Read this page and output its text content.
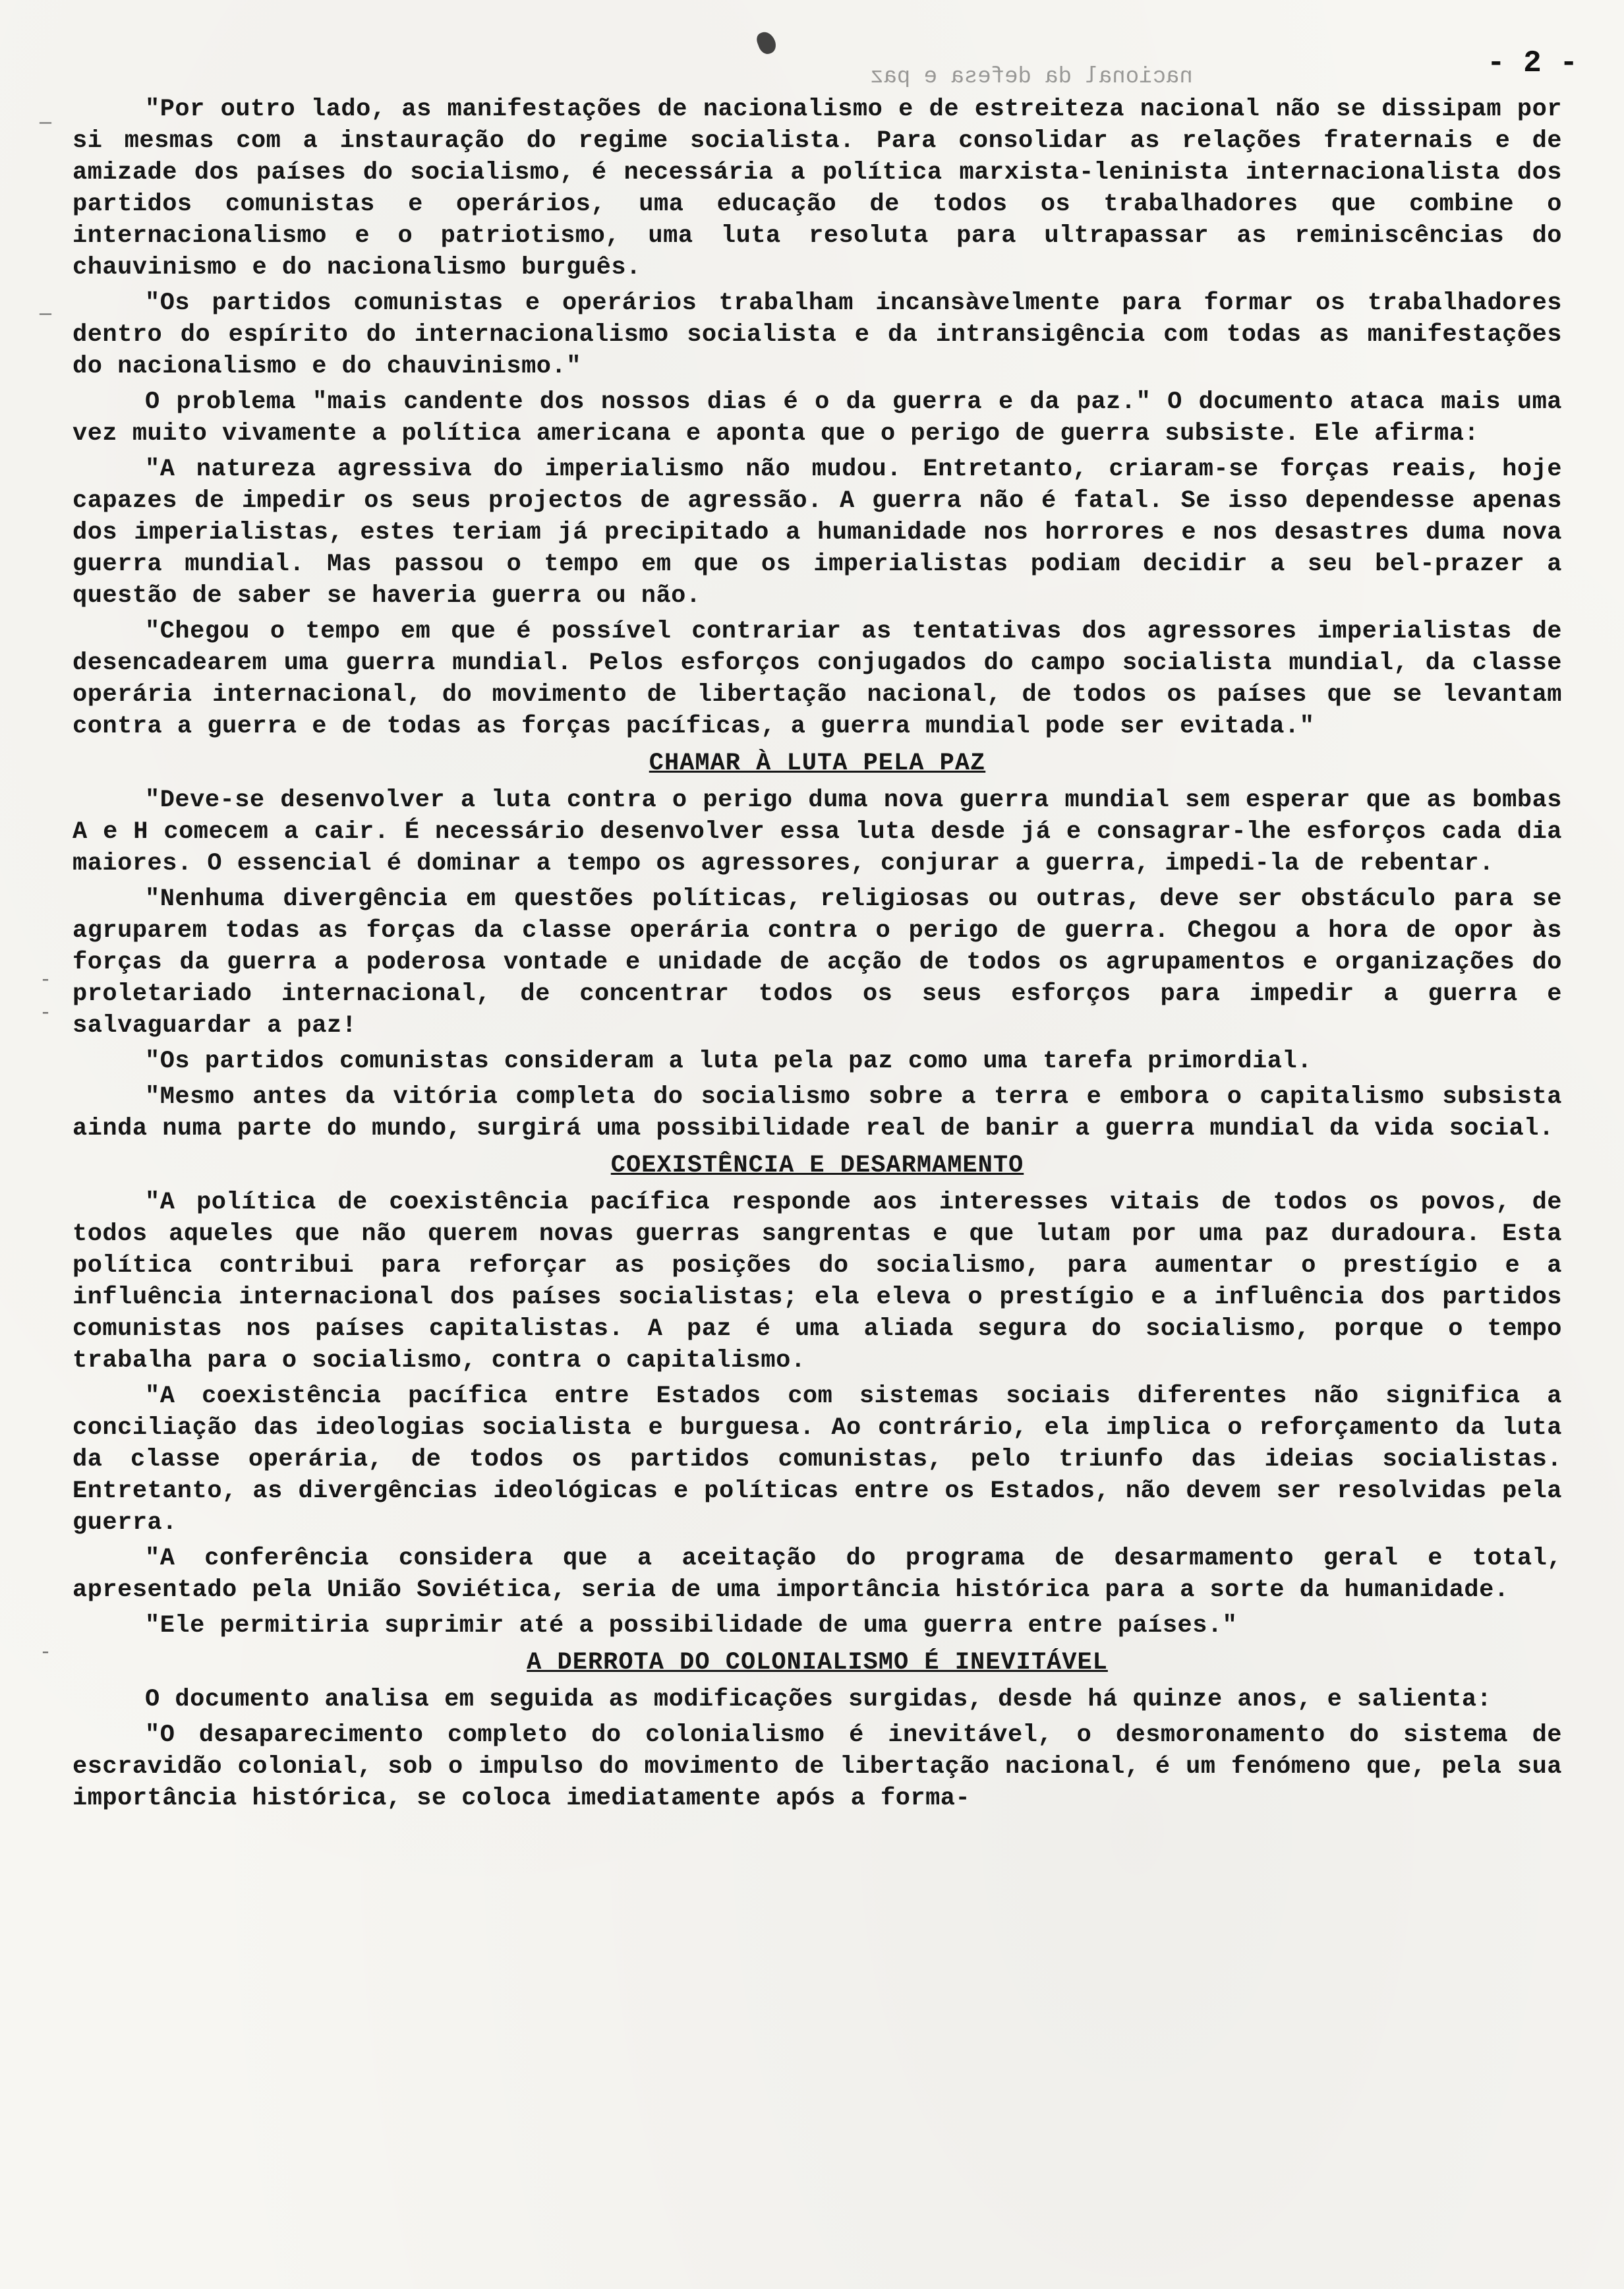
nacional da defesa e paz	- 2 -
—
—
-
-
-

"Por outro lado, as manifestações de nacionalismo e de estreiteza nacional não se dissipam por si mesmas com a instauração do regime socialista. Para consolidar as relações fraternais e de amizade dos países do socialismo, é necessária a política marxista-leninista internacionalista dos partidos comunistas e operários, uma educação de todos os trabalhadores que combine o internacionalismo e o patriotismo, uma luta resoluta para ultrapassar as reminiscências do chauvinismo e do nacionalismo burguês.

"Os partidos comunistas e operários trabalham incansàvelmente para formar os trabalhadores dentro do espírito do internacionalismo socialista e da intransigência com todas as manifestações do nacionalismo e do chauvinismo."

O problema "mais candente dos nossos dias é o da guerra e da paz." O documento ataca mais uma vez muito vivamente a política americana e aponta que o perigo de guerra subsiste. Ele afirma:

"A natureza agressiva do imperialismo não mudou. Entretanto, criaram-se forças reais, hoje capazes de impedir os seus projectos de agressão. A guerra não é fatal. Se isso dependesse apenas dos imperialistas, estes teriam já precipitado a humanidade nos horrores e nos desastres duma nova guerra mundial. Mas passou o tempo em que os imperialistas podiam decidir a seu bel-prazer a questão de saber se haveria guerra ou não.

"Chegou o tempo em que é possível contrariar as tentativas dos agressores imperialistas de desencadearem uma guerra mundial. Pelos esforços conjugados do campo socialista mundial, da classe operária internacional, do movimento de libertação nacional, de todos os países que se levantam contra a guerra e de todas as forças pacíficas, a guerra mundial pode ser evitada."

CHAMAR À LUTA PELA PAZ

"Deve-se desenvolver a luta contra o perigo duma nova guerra mundial sem esperar que as bombas A e H comecem a cair. É necessário desenvolver essa luta desde já e consagrar-lhe esforços cada dia maiores. O essencial é dominar a tempo os agressores, conjurar a guerra, impedi-la de rebentar.

"Nenhuma divergência em questões políticas, religiosas ou outras, deve ser obstáculo para se agruparem todas as forças da classe operária contra o perigo de guerra. Chegou a hora de opor às forças da guerra a poderosa vontade e unidade de acção de todos os agrupamentos e organizações do proletariado internacional, de concentrar todos os seus esforços para impedir a guerra e salvaguardar a paz!

"Os partidos comunistas consideram a luta pela paz como uma tarefa primordial.

"Mesmo antes da vitória completa do socialismo sobre a terra e embora o capitalismo subsista ainda numa parte do mundo, surgirá uma possibilidade real de banir a guerra mundial da vida social.

COEXISTÊNCIA E DESARMAMENTO

"A política de coexistência pacífica responde aos interesses vitais de todos os povos, de todos aqueles que não querem novas guerras sangrentas e que lutam por uma paz duradoura. Esta política contribui para reforçar as posições do socialismo, para aumentar o prestígio e a influência internacional dos países socialistas; ela eleva o prestígio e a influência dos partidos comunistas nos países capitalistas. A paz é uma aliada segura do socialismo, porque o tempo trabalha para o socialismo, contra o capitalismo.

"A coexistência pacífica entre Estados com sistemas sociais diferentes não significa a conciliação das ideologias socialista e burguesa. Ao contrário, ela implica o reforçamento da luta da classe operária, de todos os partidos comunistas, pelo triunfo das ideias socialistas. Entretanto, as divergências ideológicas e políticas entre os Estados, não devem ser resolvidas pela guerra.

"A conferência considera que a aceitação do programa de desarmamento geral e total, apresentado pela União Soviética, seria de uma importância histórica para a sorte da humanidade.

"Ele permitiria suprimir até a possibilidade de uma guerra entre países."

A DERROTA DO COLONIALISMO É INEVITÁVEL

O documento analisa em seguida as modificações surgidas, desde há quinze anos, e salienta:

"O desaparecimento completo do colonialismo é inevitável, o desmoronamento do sistema de escravidão colonial, sob o impulso do movimento de libertação nacional, é um fenómeno que, pela sua importância histórica, se coloca imediatamente após a forma-
